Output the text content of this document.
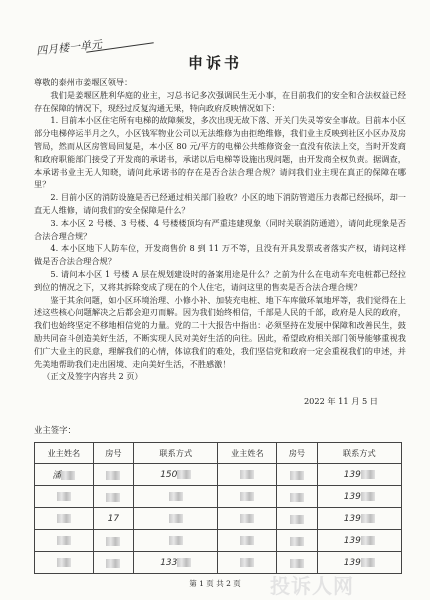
四月楼一单元
申诉书

尊敬的泰州市姜堰区领导：

我们是姜堰区胜利华庭的业主，习总书记多次强调民生无小事，在目前我们的安全和合法权益已经存在保障的情况下，现经过反复沟通无果，特向政府反映情况如下：

1. 目前本小区住宅所有电梯的故障频发，多次出现无故下落、开关门失灵等安全事故。目前本小区部分电梯停运半月之久，小区钱军物业公司以无法维修为由拒绝维修，我们业主反映到社区小区办及房管局，然而从区房管局回复是，本小区 80 元/平方的电梯公共维修资金一直没有依法上交，当时开发商和政府职能部门接受了开发商的承诺书，承诺以后电梯等设施出现问题，由开发商全权负责。据调查，本承诺书业主无人知晓，请问此承诺书的存在是否合法合理合规？请问我们业主现在真正的保障在哪里？

2. 目前小区的消防设施是否已经通过相关部门验收？小区的地下消防管道压力表都已经损坏，却一直无人维修，请问我们的安全保障是什么？

3. 本小区 2 号楼、3 号楼、4 号楼楼顶均有严重违建现象（同时关联消防通道），请问此现象是否合法合理合规？

4. 本小区地下人防车位，开发商售价 8 到 11 万不等，且没有开具发票或者落实产权，请问这样做是否合法合理合规？

5. 请问本小区 1 号楼 A 层在规划建设时的备案用途是什么？之前为什么在电动车充电桩都已经拉到位的情况之下，又将其拆除变成了现在的个人住宅，请问这里的售卖是否合法合理合规？

鉴于其余问题，如小区环境治理、小修小补、加装充电桩、地下车库做环氧地坪等，我们觉得在上述这些核心问题解决之后都会迎刃而解。因为我们始终相信，千部是人民的千部，政府是人民的政府，我们也始终坚定不移地相信党的力量。党的二十大报告中指出：必须坚持在发展中保障和改善民生，鼓励共同奋斗创造美好生活，不断实现人民对美好生活的向往。因此，希望政府相关部门领导能够重视我们广大业主的民意，理解我们的心情，体谅我们的难处，我们坚信党和政府一定会重视我们的申述，并先美地帮助我们走出困境、走向美好生活，不胜感激！

（正文及签字内容共 2 页）

2022 年 11 月 5 日

业主签字：
业主姓名	房号	联系方式	业主姓名	房号	联系方式
潘		150			139
					139
	17				139
					139
		133			139
第 1 页 共 2 页	投诉人网
